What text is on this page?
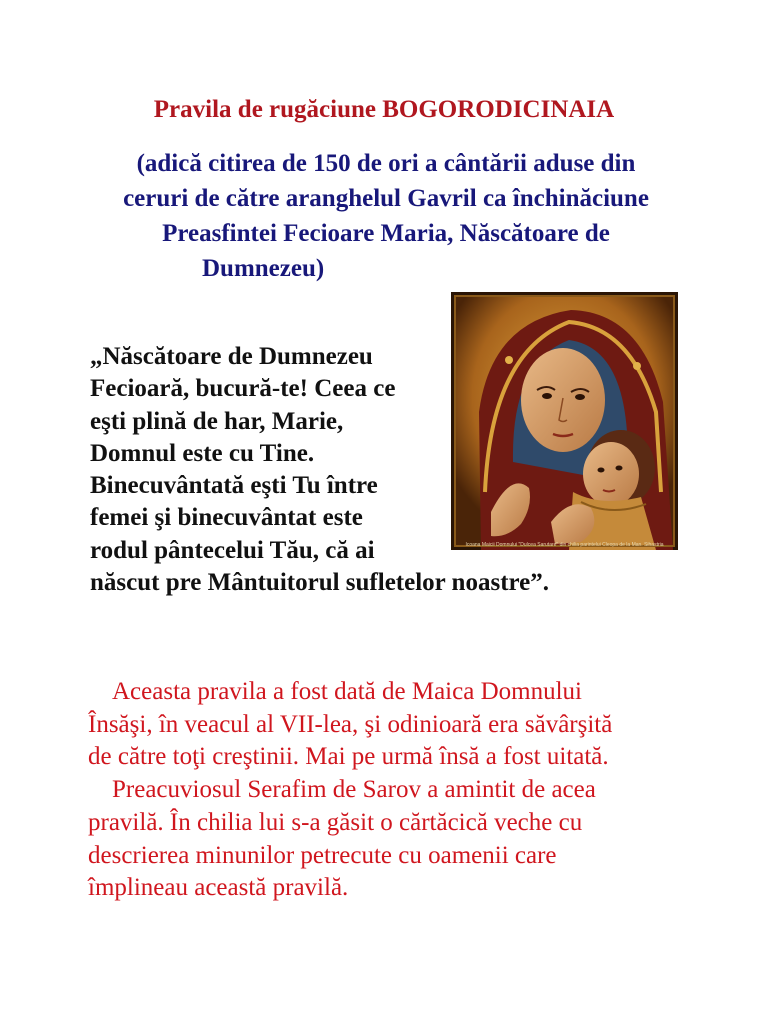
Pravila de rugăciune BOGORODICINAIA

(adică citirea de 150 de ori a cântării aduse din
ceruri de către aranghelul Gavril ca închinăciune
Preasfintei Fecioare Maria, Născătoare de
Dumnezeu)

„Născătoare de Dumnezeu
Fecioară, bucură-te! Ceea ce
eşti plină de har, Marie,
Domnul este cu Tine.
Binecuvântată eşti Tu între
femei şi binecuvântat este
rodul pântecelui Tău, că ai
născut pre Mântuitorul sufletelor noastre”.

Icoana Maicii Domnului "Dulcea Sarutare" din chilia parintelui Cleopa de la Man. Sihastria

Aceasta pravila a fost dată de Maica Domnului
Însăşi, în veacul al VII-lea, şi odinioară era săvârşită
de către toţi creştinii. Mai pe urmă însă a fost uitată.
Preacuviosul Serafim de Sarov a amintit de acea
pravilă. În chilia lui s-a găsit o cărtăcică veche cu
descrierea minunilor petrecute cu oamenii care
împlineau această pravilă.
